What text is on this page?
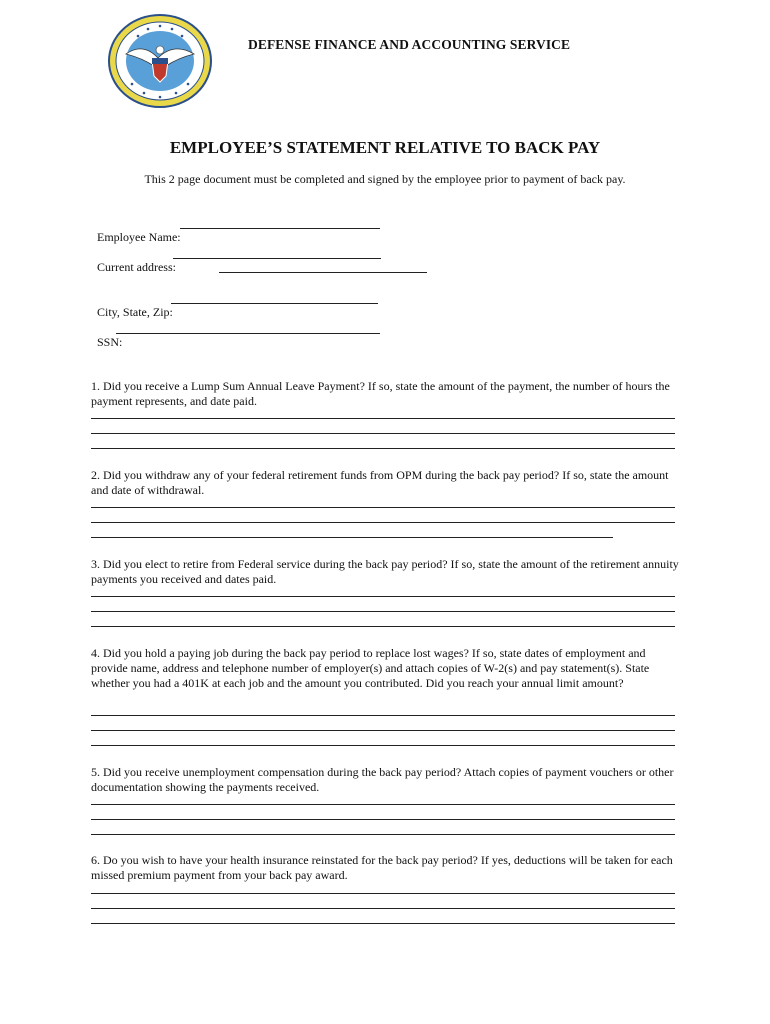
DEFENSE FINANCE AND ACCOUNTING SERVICE
EMPLOYEE’S STATEMENT RELATIVE TO BACK PAY
This 2 page document must be completed and signed by the employee prior to payment of back pay.

Employee Name:

Current address:

City, State, Zip:

SSN:

1. Did you receive a Lump Sum Annual Leave Payment? If so, state the amount of the payment, the number of hours the payment represents, and date paid.
2. Did you withdraw any of your federal retirement funds from OPM during the back pay period? If so, state the amount and date of withdrawal.
3. Did you elect to retire from Federal service during the back pay period? If so, state the amount of the retirement annuity payments you received and dates paid.
4. Did you hold a paying job during the back pay period to replace lost wages? If so, state dates of employment and provide name, address and telephone number of employer(s) and attach copies of W-2(s) and pay statement(s). State whether you had a 401K at each job and the amount you contributed. Did you reach your annual limit amount?
5. Did you receive unemployment compensation during the back pay period? Attach copies of payment vouchers or other documentation showing the payments received.
6. Do you wish to have your health insurance reinstated for the back pay period? If yes, deductions will be taken for each missed premium payment from your back pay award.
